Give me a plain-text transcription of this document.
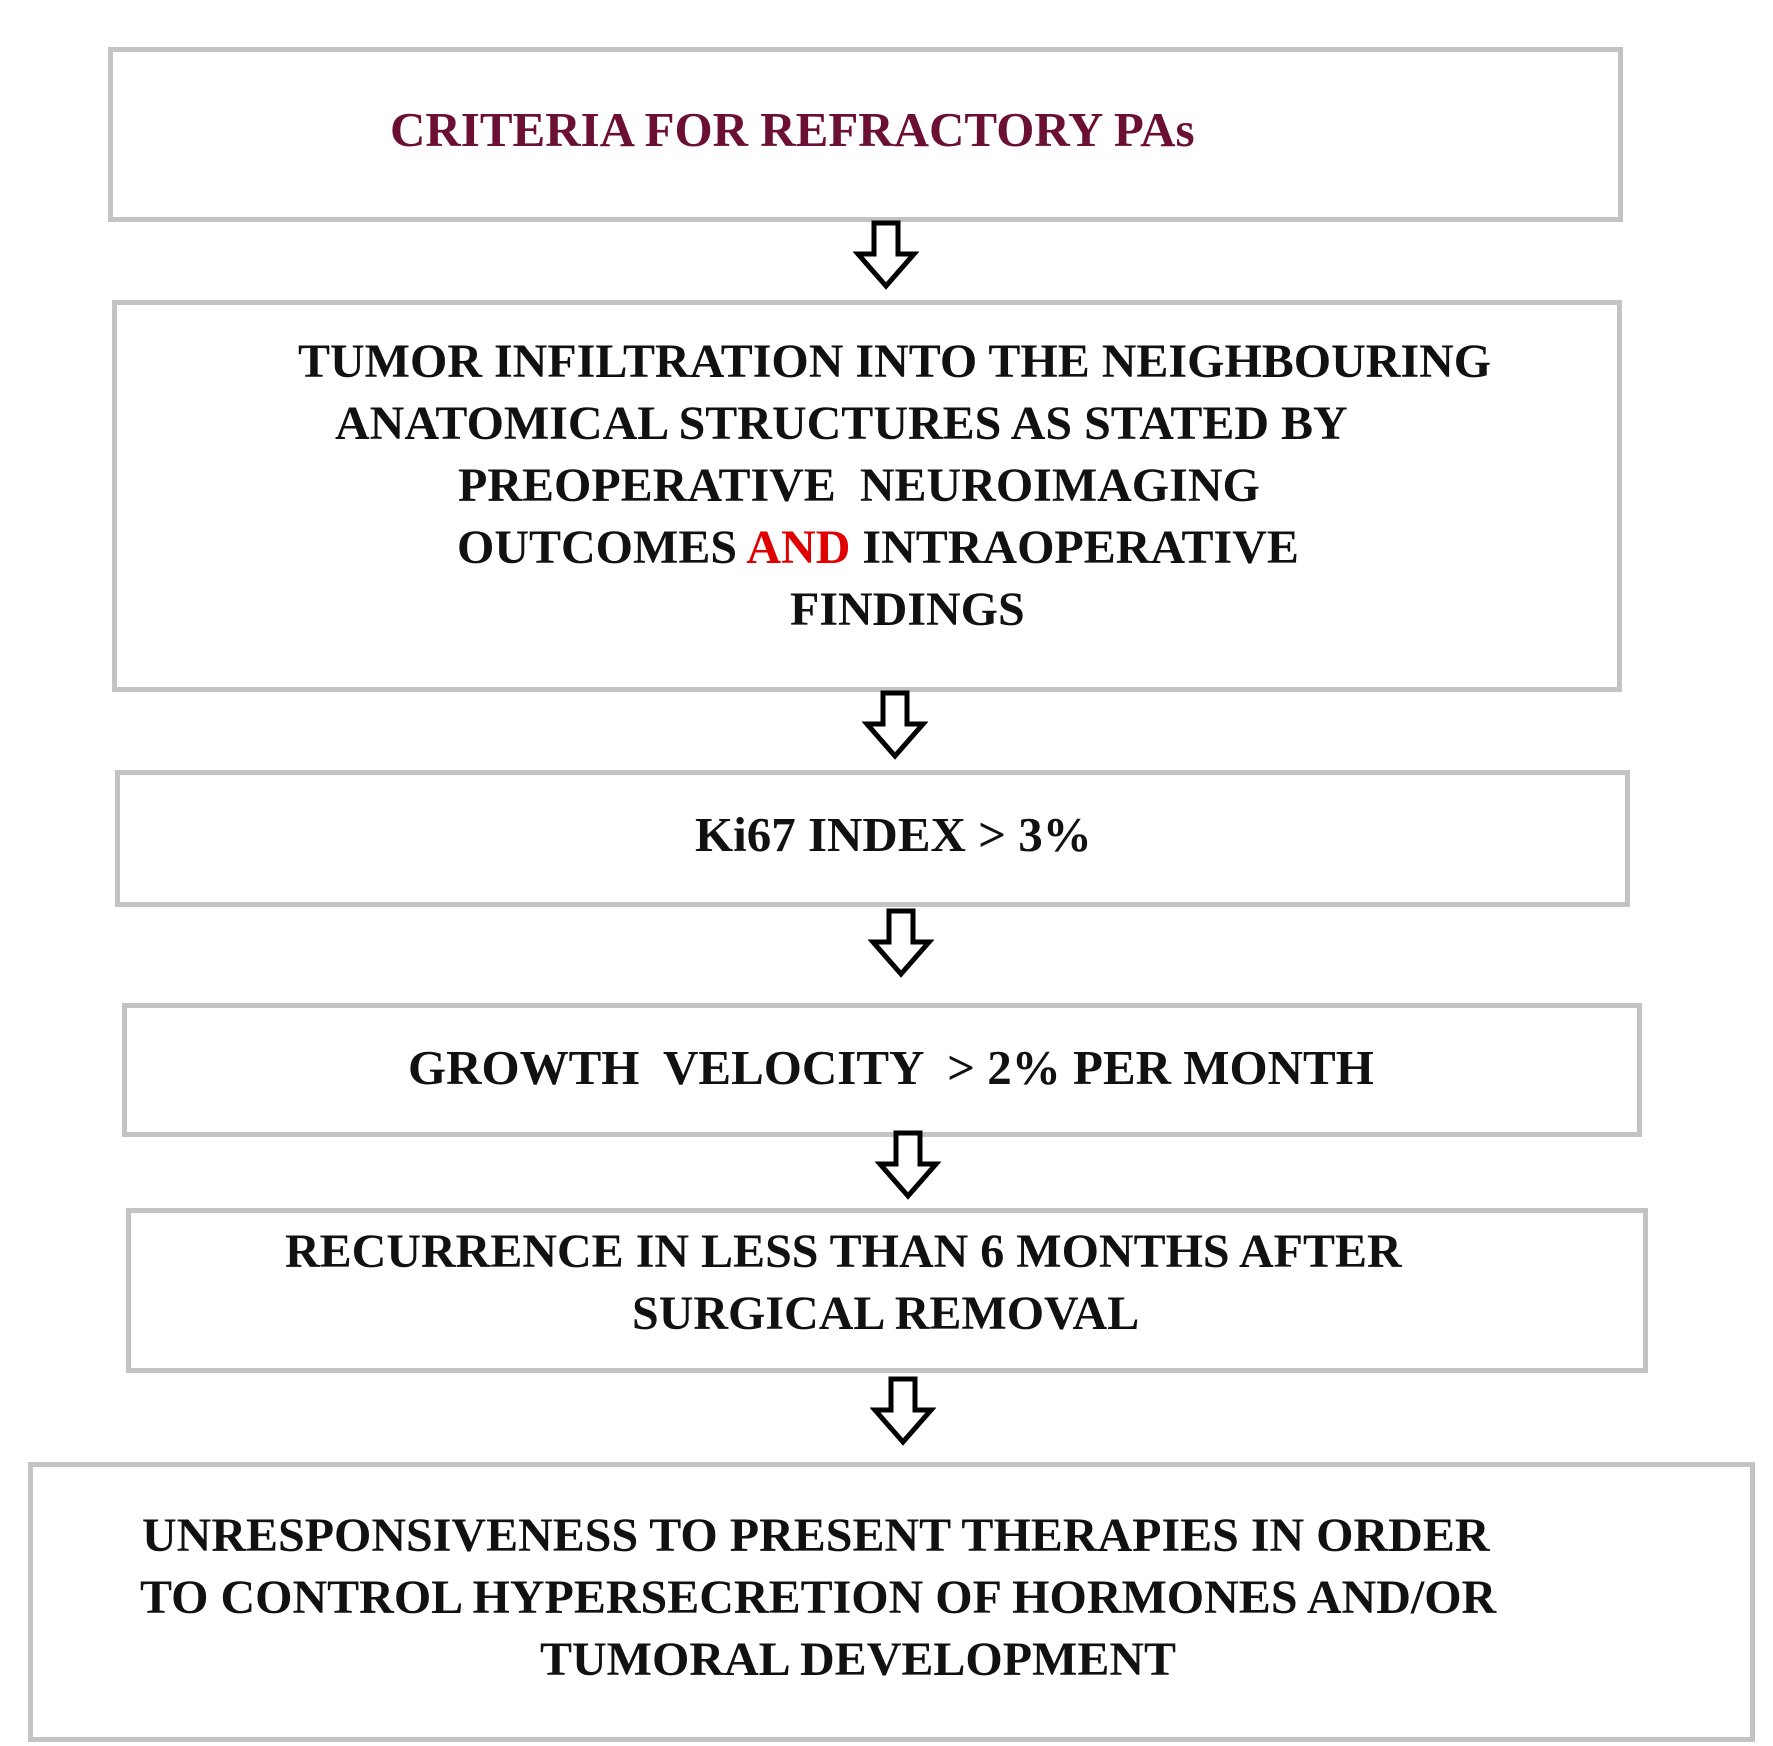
CRITERIA FOR REFRACTORY PAs
TUMOR INFILTRATION INTO THE NEIGHBOURING
ANATOMICAL STRUCTURES AS STATED BY
PREOPERATIVE  NEUROIMAGING
OUTCOMES AND INTRAOPERATIVE
FINDINGS
Ki67 INDEX > 3%
GROWTH  VELOCITY  > 2% PER MONTH
RECURRENCE IN LESS THAN 6 MONTHS AFTER
SURGICAL REMOVAL
UNRESPONSIVENESS TO PRESENT THERAPIES IN ORDER
TO CONTROL HYPERSECRETION OF HORMONES AND/OR
TUMORAL DEVELOPMENT
